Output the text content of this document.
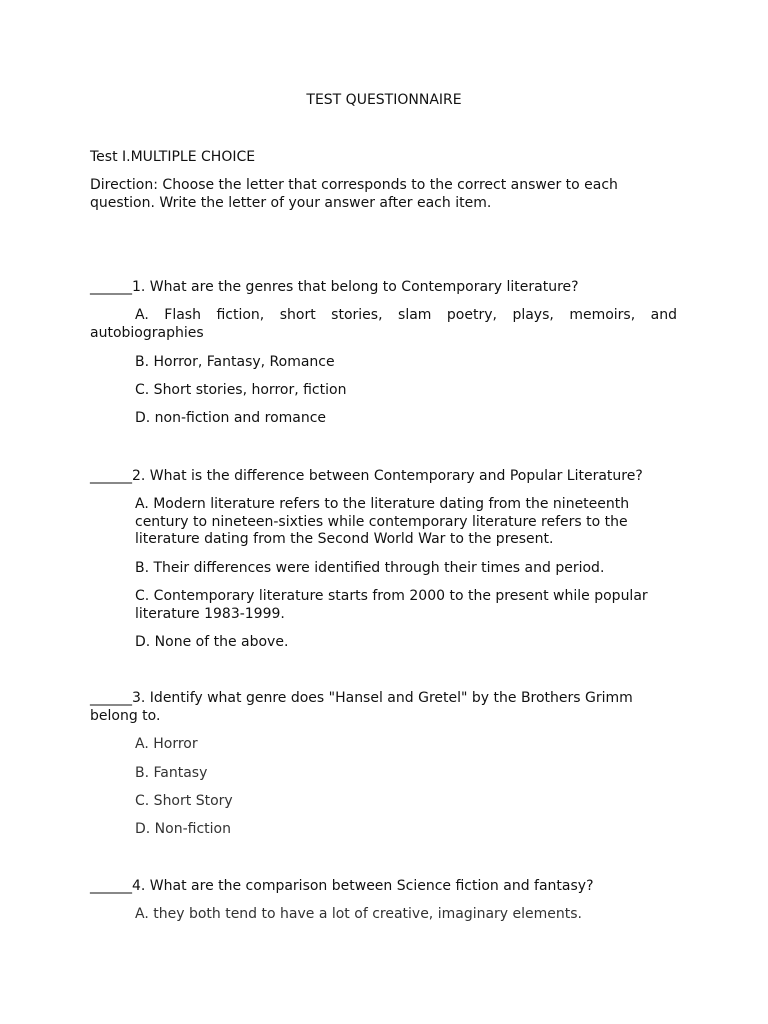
TEST QUESTIONNAIRE

Test I.MULTIPLE CHOICE

Direction: Choose the letter that corresponds to the correct answer to each question. Write the letter of your answer after each item.

______1. What are the genres that belong to Contemporary literature?

A. Flash fiction, short stories, slam poetry, plays, memoirs, and autobiographies

B. Horror, Fantasy, Romance

C. Short stories, horror, fiction

D. non-fiction and romance

______2. What is the difference between Contemporary and Popular Literature?

A. Modern literature refers to the literature dating from the nineteenth century to nineteen-sixties while contemporary literature refers to the literature dating from the Second World War to the present.

B. Their differences were identified through their times and period.

C. Contemporary literature starts from 2000 to the present while popular literature 1983-1999.

D. None of the above.

______3. Identify what genre does "Hansel and Gretel" by the Brothers Grimm belong to.

A. Horror

B. Fantasy

C. Short Story

D. Non-fiction

______4. What are the comparison between Science fiction and fantasy?

A. they both tend to have a lot of creative, imaginary elements.
